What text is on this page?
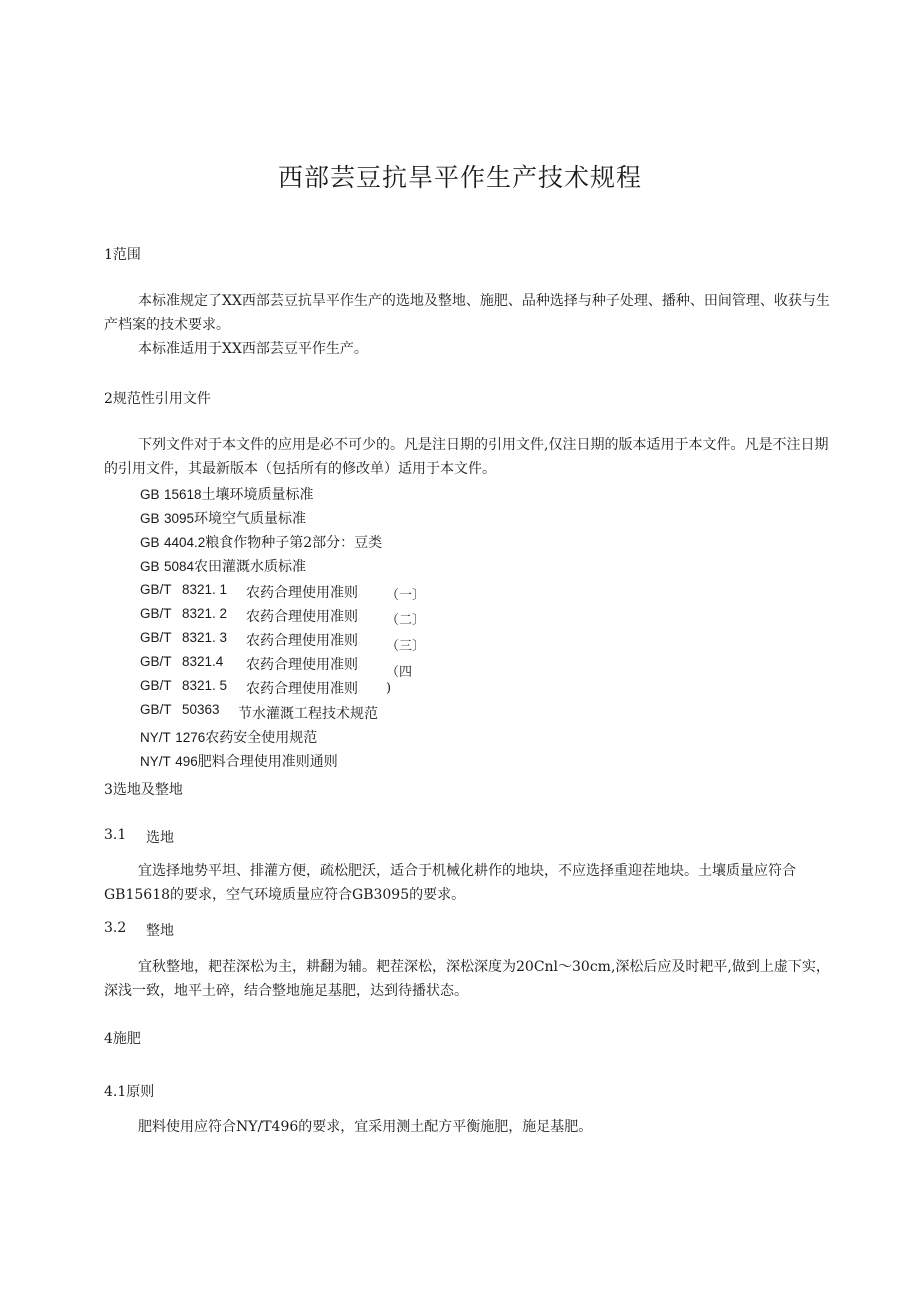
西部芸豆抗旱平作生产技术规程
1范围
本标准规定了XX西部芸豆抗旱平作生产的选地及整地、施肥、品种选择与种子处理、播种、田间管理、收获与生产档案的技术要求。
本标准适用于XX西部芸豆平作生产。
2规范性引用文件
下列文件对于本文件的应用是必不可少的。凡是注日期的引用文件,仅注日期的版本适用于本文件。凡是不注日期的引用文件，其最新版本（包括所有的修改单）适用于本文件。
GB 15618土壤环境质量标准
GB 3095环境空气质量标准
GB 4404.2粮食作物种子第2部分：豆类
GB 5084农田灌溉水质标准
GB/T 8321. 1 农药合理使用准则 （一〕
GB/T 8321. 2 农药合理使用准则 （二〕
GB/T 8321. 3 农药合理使用准则 （三〕
GB/T 8321.4 农药合理使用准则 （四
GB/T 8321. 5 农药合理使用准则 )
GB/T 50363 节水灌溉工程技术规范
NY/T 1276农药安全使用规范
NY/T 496肥料合理使用准则通则
3选地及整地
3.1 选地
宜选择地势平坦、排灌方便，疏松肥沃，适合于机械化耕作的地块，不应选择重迎茬地块。土壤质量应符合GB15618的要求，空气环境质量应符合GB3095的要求。
3.2 整地
宜秋整地，耙茬深松为主，耕翻为辅。耙茬深松，深松深度为20Cnl～30cm,深松后应及时耙平,做到上虚下实，深浅一致，地平土碎，结合整地施足基肥，达到待播状态。
4施肥
4.1原则
肥料使用应符合NY/T496的要求，宜采用测土配方平衡施肥，施足基肥。
